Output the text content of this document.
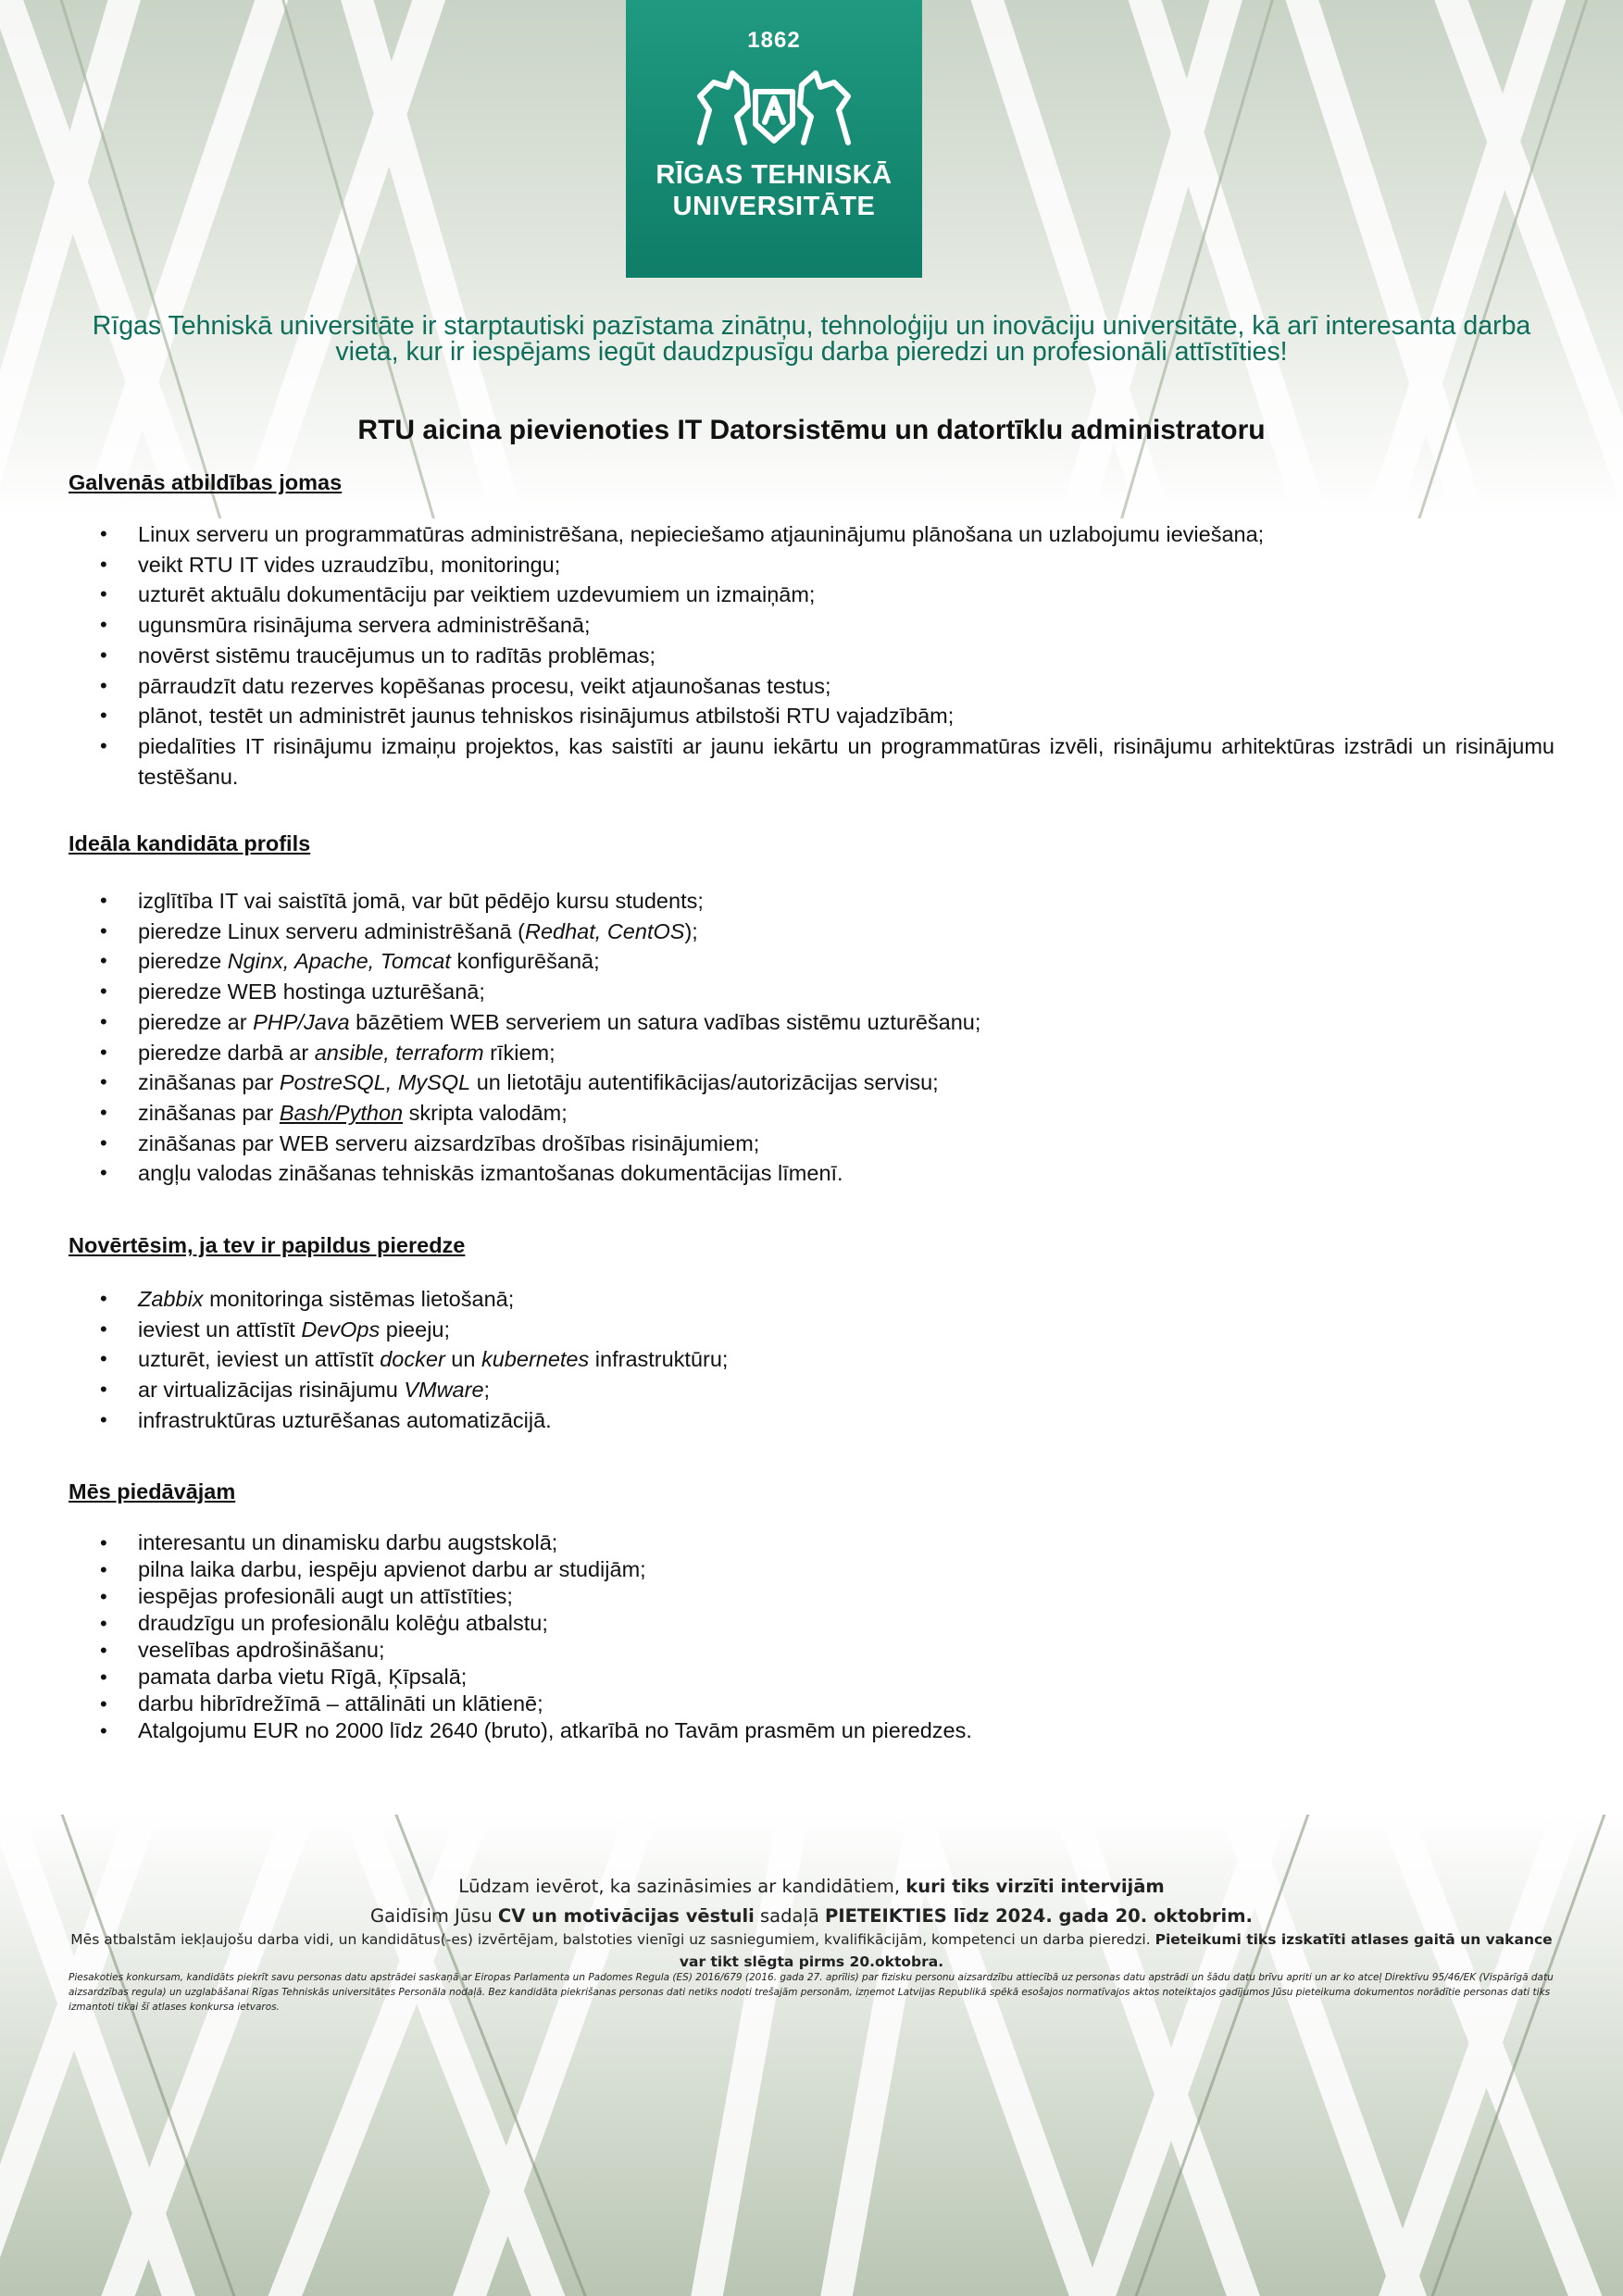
1862
RĪGAS TEHNISKĀ
UNIVERSITĀTE
Rīgas Tehniskā universitāte ir starptautiski pazīstama zinātņu, tehnoloģiju un inovāciju universitāte, kā arī interesanta darba
vieta, kur ir iespējams iegūt daudzpusīgu darba pieredzi un profesionāli attīstīties!
RTU aicina pievienoties IT Datorsistēmu un datortīklu administratoru
Galvenās atbildības jomas
• Linux serveru un programmatūras administrēšana, nepieciešamo atjauninājumu plānošana un uzlabojumu ieviešana;
• veikt RTU IT vides uzraudzību, monitoringu;
• uzturēt aktuālu dokumentāciju par veiktiem uzdevumiem un izmaiņām;
• ugunsmūra risinājuma servera administrēšanā;
• novērst sistēmu traucējumus un to radītās problēmas;
• pārraudzīt datu rezerves kopēšanas procesu, veikt atjaunošanas testus;
• plānot, testēt un administrēt jaunus tehniskos risinājumus atbilstoši RTU vajadzībām;
• piedalīties IT risinājumu izmaiņu projektos, kas saistīti ar jaunu iekārtu un programmatūras izvēli, risinājumu arhitektūras izstrādi un risinājumu testēšanu.
Ideāla kandidāta profils
• izglītība IT vai saistītā jomā, var būt pēdējo kursu students;
• pieredze Linux serveru administrēšanā (Redhat, CentOS);
• pieredze Nginx, Apache, Tomcat konfigurēšanā;
• pieredze WEB hostinga uzturēšanā;
• pieredze ar PHP/Java bāzētiem WEB serveriem un satura vadības sistēmu uzturēšanu;
• pieredze darbā ar ansible, terraform rīkiem;
• zināšanas par PostreSQL, MySQL un lietotāju autentifikācijas/autorizācijas servisu;
• zināšanas par Bash/Python skripta valodām;
• zināšanas par WEB serveru aizsardzības drošības risinājumiem;
• angļu valodas zināšanas tehniskās izmantošanas dokumentācijas līmenī.
Novērtēsim, ja tev ir papildus pieredze
• Zabbix monitoringa sistēmas lietošanā;
• ieviest un attīstīt DevOps pieeju;
• uzturēt, ieviest un attīstīt docker un kubernetes infrastruktūru;
• ar virtualizācijas risinājumu VMware;
• infrastruktūras uzturēšanas automatizācijā.
Mēs piedāvājam
• interesantu un dinamisku darbu augstskolā;
• pilna laika darbu, iespēju apvienot darbu ar studijām;
• iespējas profesionāli augt un attīstīties;
• draudzīgu un profesionālu kolēģu atbalstu;
• veselības apdrošināšanu;
• pamata darba vietu Rīgā, Ķīpsalā;
• darbu hibrīdrežīmā – attālināti un klātienē;
• Atalgojumu EUR no 2000 līdz 2640 (bruto), atkarībā no Tavām prasmēm un pieredzes.
Lūdzam ievērot, ka sazināsimies ar kandidātiem, kuri tiks virzīti intervijām
Gaidīsim Jūsu CV un motivācijas vēstuli sadaļā PIETEIKTIES līdz 2024. gada 20. oktobrim.
Mēs atbalstām iekļaujošu darba vidi, un kandidātus(-es) izvērtējam, balstoties vienīgi uz sasniegumiem, kvalifikācijām, kompetenci un darba pieredzi. Pieteikumi tiks izskatīti atlases gaitā un vakance var tikt slēgta pirms 20.oktobra.
Piesakoties konkursam, kandidāts piekrīt savu personas datu apstrādei saskaņā ar Eiropas Parlamenta un Padomes Regula (ES) 2016/679 (2016. gada 27. aprīlis) par fizisku personu aizsardzību attiecībā uz personas datu apstrādi un šādu datu brīvu apriti un ar ko atceļ Direktīvu 95/46/EK (Vispārīgā datu aizsardzības regula) un uzglabāšanai Rīgas Tehniskās universitātes Personāla nodaļā. Bez kandidāta piekrišanas personas dati netiks nodoti trešajām personām, izņemot Latvijas Republikā spēkā esošajos normatīvajos aktos noteiktajos gadījumos Jūsu pieteikuma dokumentos norādītie personas dati tiks izmantoti tikai šī atlases konkursa ietvaros.
